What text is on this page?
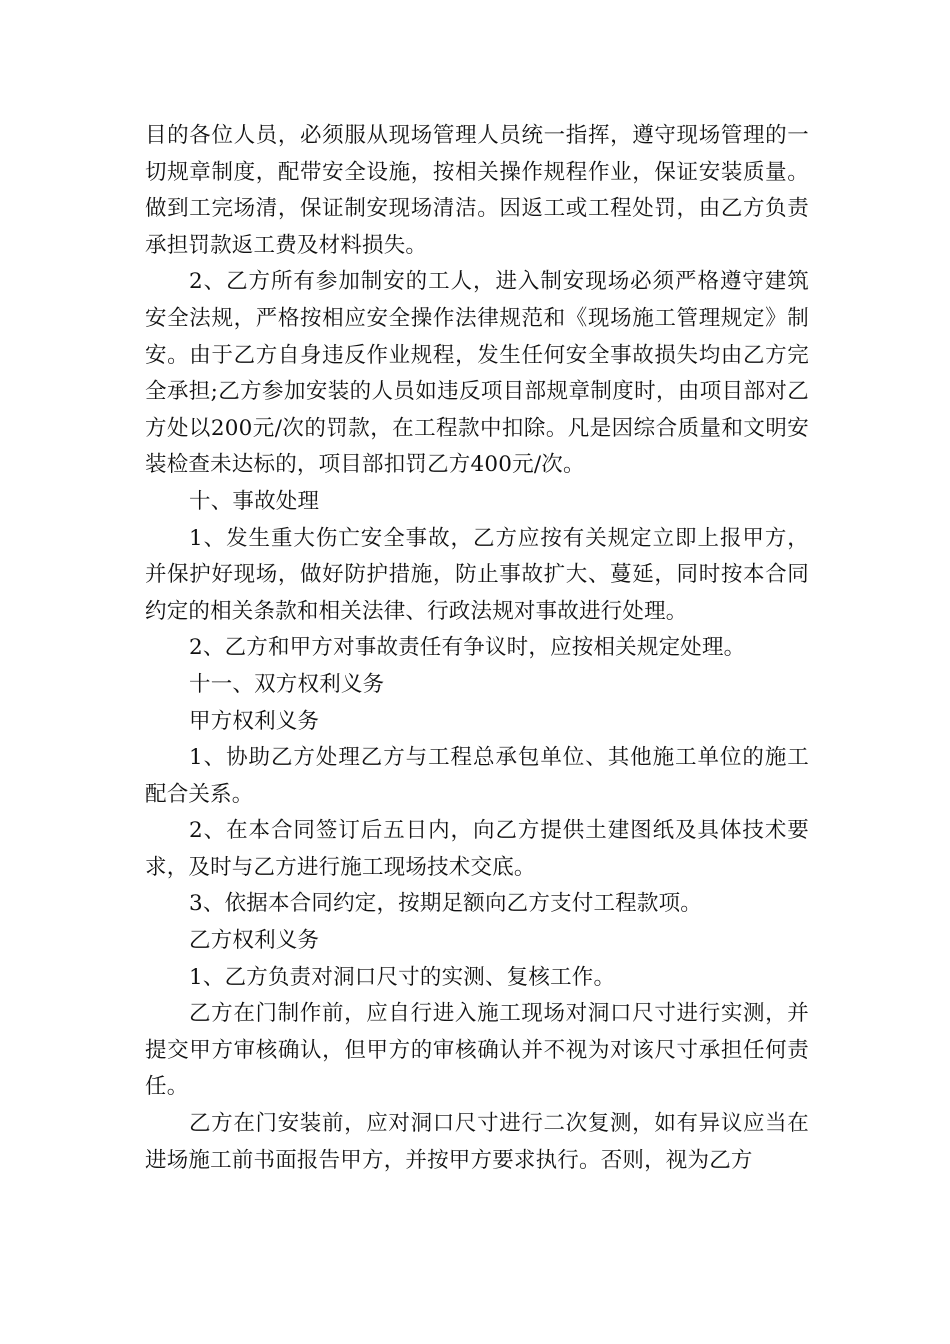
目的各位人员，必须服从现场管理人员统一指挥，遵守现场管理的一切规章制度，配带安全设施，按相关操作规程作业，保证安装质量。做到工完场清，保证制安现场清洁。因返工或工程处罚，由乙方负责承担罚款返工费及材料损失。

2、乙方所有参加制安的工人，进入制安现场必须严格遵守建筑安全法规，严格按相应安全操作法律规范和《现场施工管理规定》制安。由于乙方自身违反作业规程，发生任何安全事故损失均由乙方完全承担;乙方参加安装的人员如违反项目部规章制度时，由项目部对乙方处以200元/次的罚款，在工程款中扣除。凡是因综合质量和文明安装检查未达标的，项目部扣罚乙方400元/次。

十、事故处理

1、发生重大伤亡安全事故，乙方应按有关规定立即上报甲方，并保护好现场，做好防护措施，防止事故扩大、蔓延，同时按本合同约定的相关条款和相关法律、行政法规对事故进行处理。

2、乙方和甲方对事故责任有争议时，应按相关规定处理。

十一、双方权利义务

甲方权利义务

1、协助乙方处理乙方与工程总承包单位、其他施工单位的施工配合关系。

2、在本合同签订后五日内，向乙方提供土建图纸及具体技术要求，及时与乙方进行施工现场技术交底。

3、依据本合同约定，按期足额向乙方支付工程款项。

乙方权利义务

1、乙方负责对洞口尺寸的实测、复核工作。

乙方在门制作前，应自行进入施工现场对洞口尺寸进行实测，并提交甲方审核确认，但甲方的审核确认并不视为对该尺寸承担任何责任。

乙方在门安装前，应对洞口尺寸进行二次复测，如有异议应当在进场施工前书面报告甲方，并按甲方要求执行。否则，视为乙方
